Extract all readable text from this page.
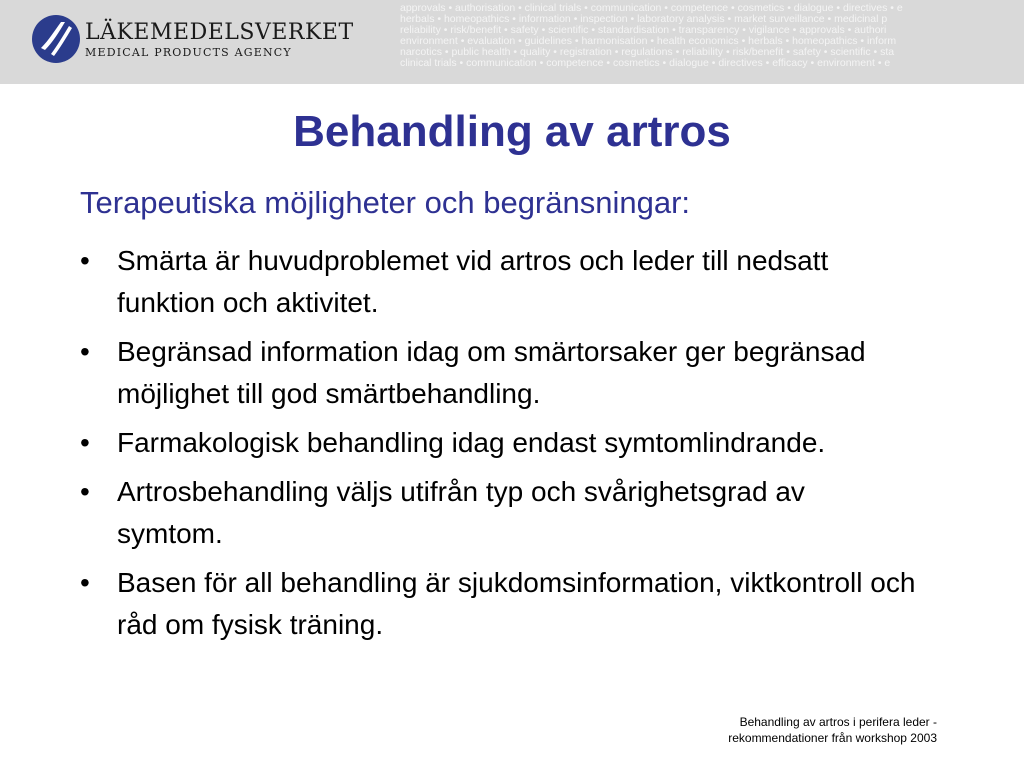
LÄKEMEDELSVERKET
MEDICAL PRODUCTS AGENCY
approvals • authorisation • clinical trials • communication • competence • cosmetics • dialogue • directives • e
herbals • homeopathics • information • inspection • laboratory analysis • market surveillance • medicinal p
reliability • risk/benefit • safety • scientific • standardisation • transparency • vigilance • approvals • authori
environment • evaluation • guidelines • harmonisation • health economics • herbals • homeopathics • inform
narcotics • public health • quality • registration • regulations • reliability • risk/benefit • safety • scientific • sta
clinical trials • communication • competence • cosmetics • dialogue • directives • efficacy • environment • e
Behandling av artros
Terapeutiska möjligheter och begränsningar:
• Smärta är huvudproblemet vid artros och leder till nedsatt funktion och aktivitet.
• Begränsad information idag om smärtorsaker ger begränsad möjlighet till god smärtbehandling.
• Farmakologisk behandling idag endast symtomlindrande.
• Artrosbehandling väljs utifrån typ och svårighetsgrad av symtom.
• Basen för all behandling är sjukdomsinformation, viktkontroll och råd om fysisk träning.
Behandling av artros i perifera leder -
rekommendationer från workshop 2003
